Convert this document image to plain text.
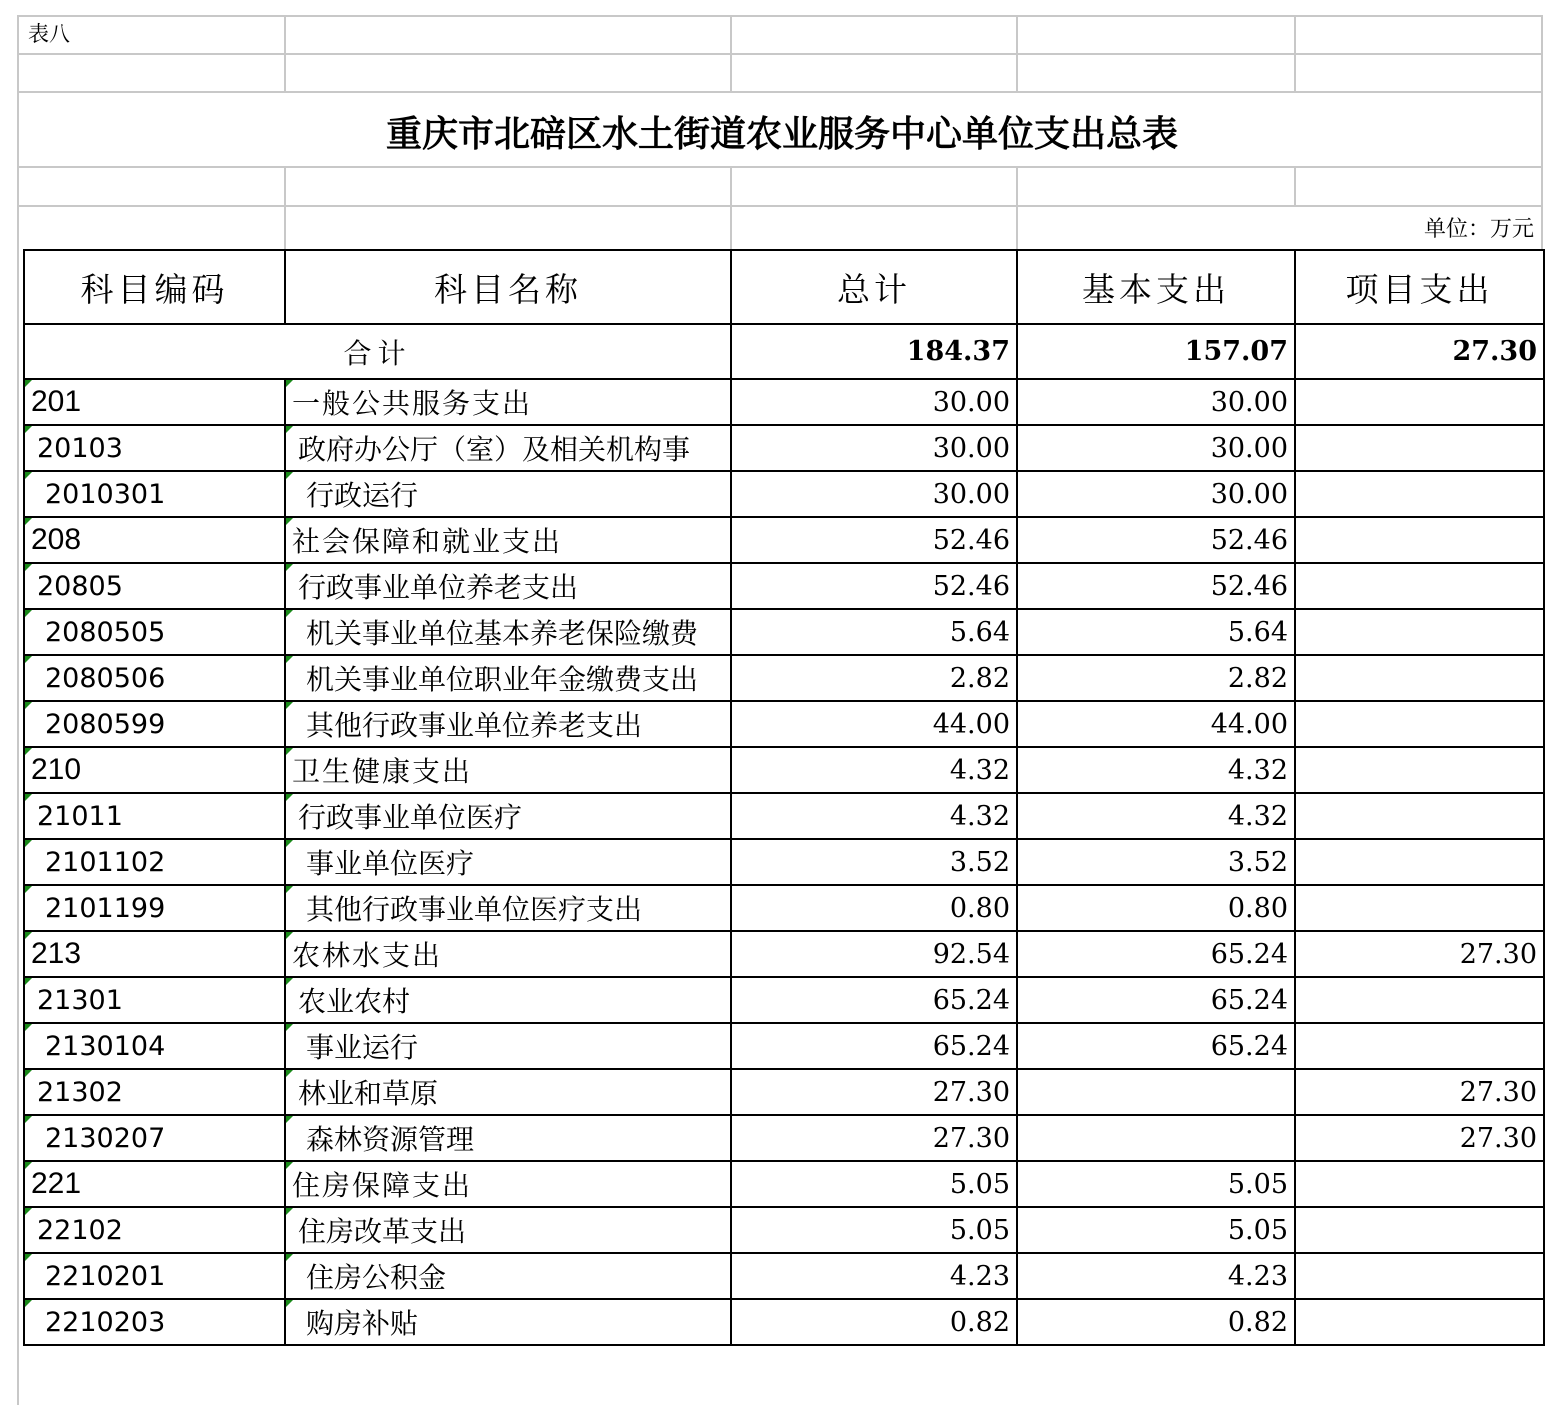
表八
重庆市北碚区水土街道农业服务中心单位支出总表
单位：万元
科目编码	科目名称	总计	基本支出	项目支出
合计		184.37	157.07	27.30
201	一般公共服务支出	30.00	30.00	
20103	政府办公厅（室）及相关机构事	30.00	30.00	
2010301	行政运行	30.00	30.00	
208	社会保障和就业支出	52.46	52.46	
20805	行政事业单位养老支出	52.46	52.46	
2080505	机关事业单位基本养老保险缴费	5.64	5.64	
2080506	机关事业单位职业年金缴费支出	2.82	2.82	
2080599	其他行政事业单位养老支出	44.00	44.00	
210	卫生健康支出	4.32	4.32	
21011	行政事业单位医疗	4.32	4.32	
2101102	事业单位医疗	3.52	3.52	
2101199	其他行政事业单位医疗支出	0.80	0.80	
213	农林水支出	92.54	65.24	27.30
21301	农业农村	65.24	65.24	
2130104	事业运行	65.24	65.24	
21302	林业和草原	27.30		27.30
2130207	森林资源管理	27.30		27.30
221	住房保障支出	5.05	5.05	
22102	住房改革支出	5.05	5.05	
2210201	住房公积金	4.23	4.23	
2210203	购房补贴	0.82	0.82	
